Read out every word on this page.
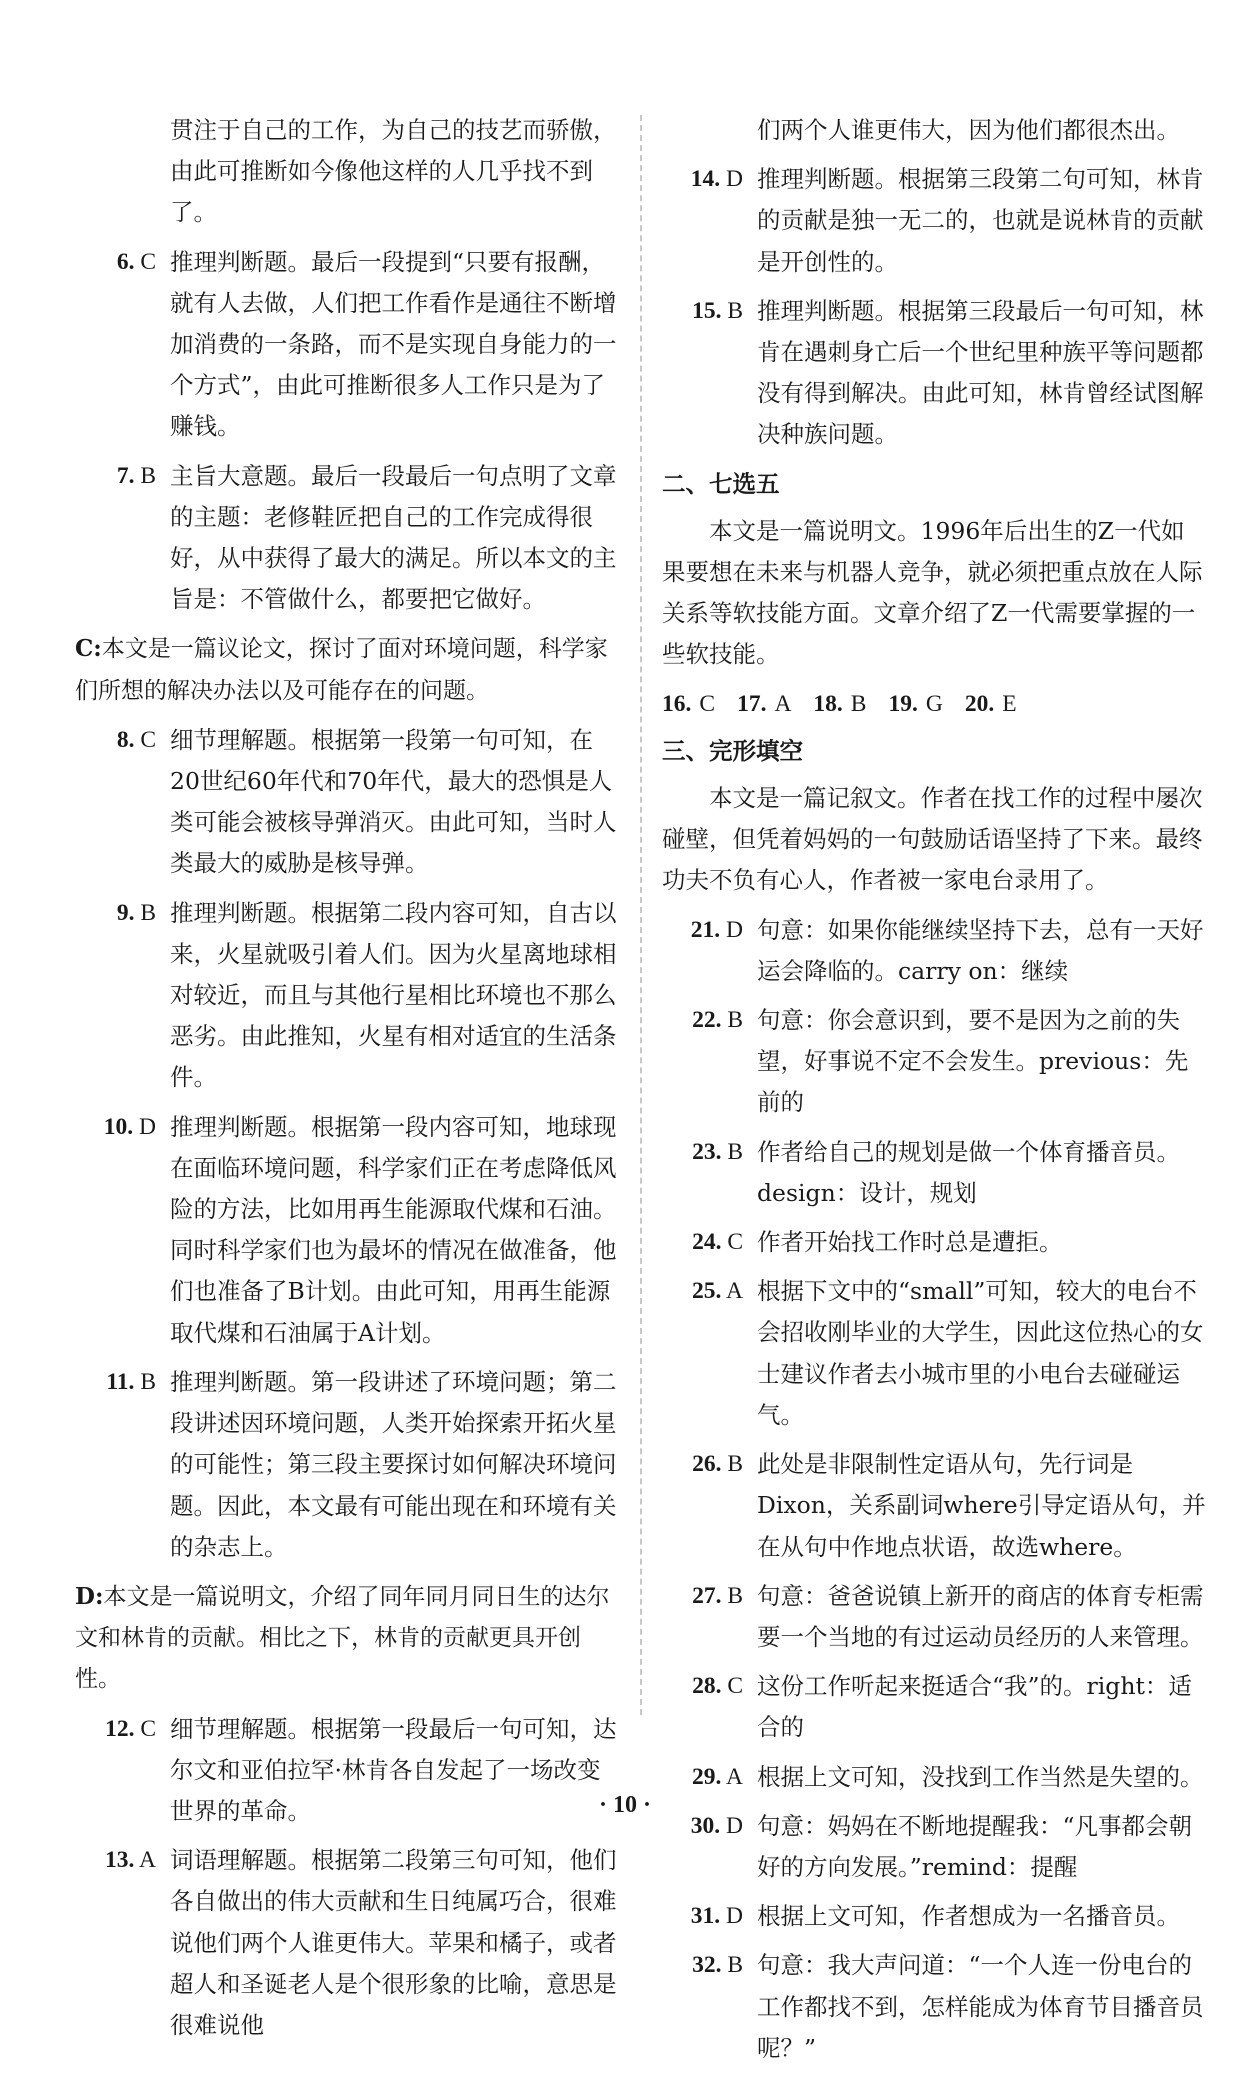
贯注于自己的工作，为自己的技艺而骄傲，由此可推断如今像他这样的人几乎找不到了。
6. C 推理判断题。最后一段提到“只要有报酬，就有人去做，人们把工作看作是通往不断增加消费的一条路，而不是实现自身能力的一个方式”，由此可推断很多人工作只是为了赚钱。
7. B 主旨大意题。最后一段最后一句点明了文章的主题：老修鞋匠把自己的工作完成得很好，从中获得了最大的满足。所以本文的主旨是：不管做什么，都要把它做好。

C:本文是一篇议论文，探讨了面对环境问题，科学家们所想的解决办法以及可能存在的问题。

8. C 细节理解题。根据第一段第一句可知，在20世纪60年代和70年代，最大的恐惧是人类可能会被核导弹消灭。由此可知，当时人类最大的威胁是核导弹。
9. B 推理判断题。根据第二段内容可知，自古以来，火星就吸引着人们。因为火星离地球相对较近，而且与其他行星相比环境也不那么恶劣。由此推知，火星有相对适宜的生活条件。
10. D 推理判断题。根据第一段内容可知，地球现在面临环境问题，科学家们正在考虑降低风险的方法，比如用再生能源取代煤和石油。同时科学家们也为最坏的情况在做准备，他们也准备了B计划。由此可知，用再生能源取代煤和石油属于A计划。
11. B 推理判断题。第一段讲述了环境问题；第二段讲述因环境问题，人类开始探索开拓火星的可能性；第三段主要探讨如何解决环境问题。因此，本文最有可能出现在和环境有关的杂志上。

D:本文是一篇说明文，介绍了同年同月同日生的达尔文和林肯的贡献。相比之下，林肯的贡献更具开创性。

12. C 细节理解题。根据第一段最后一句可知，达尔文和亚伯拉罕·林肯各自发起了一场改变世界的革命。
13. A 词语理解题。根据第二段第三句可知，他们各自做出的伟大贡献和生日纯属巧合，很难说他们两个人谁更伟大。苹果和橘子，或者超人和圣诞老人是个很形象的比喻，意思是很难说他
们两个人谁更伟大，因为他们都很杰出。
14. D 推理判断题。根据第三段第二句可知，林肯的贡献是独一无二的，也就是说林肯的贡献是开创性的。
15. B 推理判断题。根据第三段最后一句可知，林肯在遇刺身亡后一个世纪里种族平等问题都没有得到解决。由此可知，林肯曾经试图解决种族问题。
二、七选五

本文是一篇说明文。1996年后出生的Z一代如果要想在未来与机器人竞争，就必须把重点放在人际关系等软技能方面。文章介绍了Z一代需要掌握的一些软技能。

16. C 17. A 18. B 19. G 20. E
三、完形填空

本文是一篇记叙文。作者在找工作的过程中屡次碰壁，但凭着妈妈的一句鼓励话语坚持了下来。最终功夫不负有心人，作者被一家电台录用了。

21. D 句意：如果你能继续坚持下去，总有一天好运会降临的。carry on：继续
22. B 句意：你会意识到，要不是因为之前的失望，好事说不定不会发生。previous：先前的
23. B 作者给自己的规划是做一个体育播音员。design：设计，规划
24. C 作者开始找工作时总是遭拒。
25. A 根据下文中的“small”可知，较大的电台不会招收刚毕业的大学生，因此这位热心的女士建议作者去小城市里的小电台去碰碰运气。
26. B 此处是非限制性定语从句，先行词是Dixon，关系副词where引导定语从句，并在从句中作地点状语，故选where。
27. B 句意：爸爸说镇上新开的商店的体育专柜需要一个当地的有过运动员经历的人来管理。
28. C 这份工作听起来挺适合“我”的。right：适合的
29. A 根据上文可知，没找到工作当然是失望的。
30. D 句意：妈妈在不断地提醒我：“凡事都会朝好的方向发展。”remind：提醒
31. D 根据上文可知，作者想成为一名播音员。
32. B 句意：我大声问道：“一个人连一份电台的工作都找不到，怎样能成为体育节目播音员呢？”
· 10 ·
